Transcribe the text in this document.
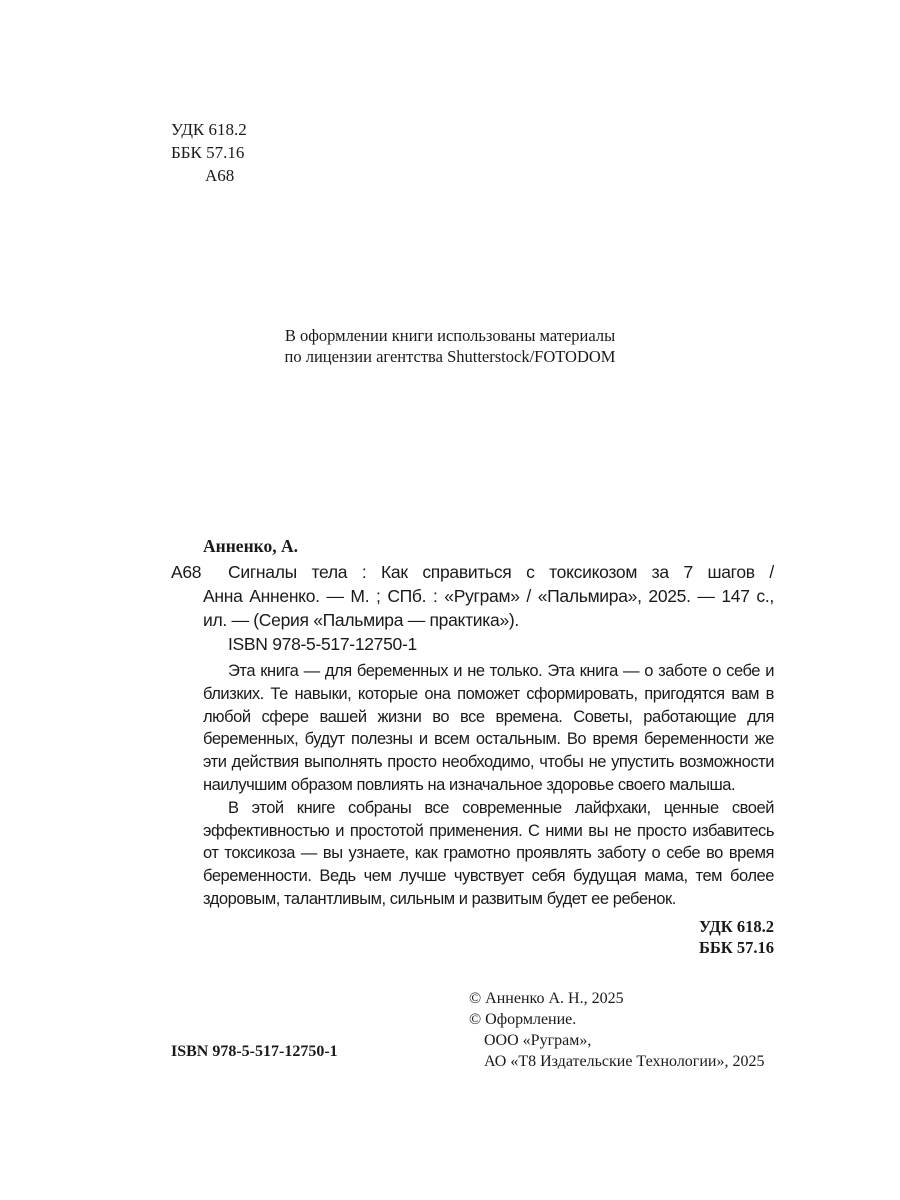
УДК 618.2
ББК 57.16
А68
В оформлении книги использованы материалы
по лицензии агентства Shutterstock/FOTODOM
Анненко, А.
А68 Сигналы тела : Как справиться с токсикозом за 7 шагов /
Анна Анненко. — М. ; СПб. : «Руграм» / «Пальмира», 2025. — 147 с., ил. — (Серия «Пальмира — практика»).
ISBN 978-5-517-12750-1

Эта книга — для беременных и не только. Эта книга — о заботе о себе и близких. Те навыки, которые она поможет сформировать, пригодятся вам в любой сфере вашей жизни во все времена. Советы, работающие для беременных, будут полезны и всем остальным. Во время беременности же эти действия выполнять просто необходимо, чтобы не упустить возможности наилучшим образом повлиять на изначальное здоровье своего малыша.

В этой книге собраны все современные лайфхаки, ценные своей эффективностью и простотой применения. С ними вы не просто избавитесь от токсикоза — вы узнаете, как грамотно проявлять заботу о себе во время беременности. Ведь чем лучше чувствует себя будущая мама, тем более здоровым, талантливым, сильным и развитым будет ее ребенок.

УДК 618.2
ББК 57.16
© Анненко А. Н., 2025
© Оформление.
ООО «Руграм»,
АО «Т8 Издательские Технологии», 2025
ISBN 978-5-517-12750-1
